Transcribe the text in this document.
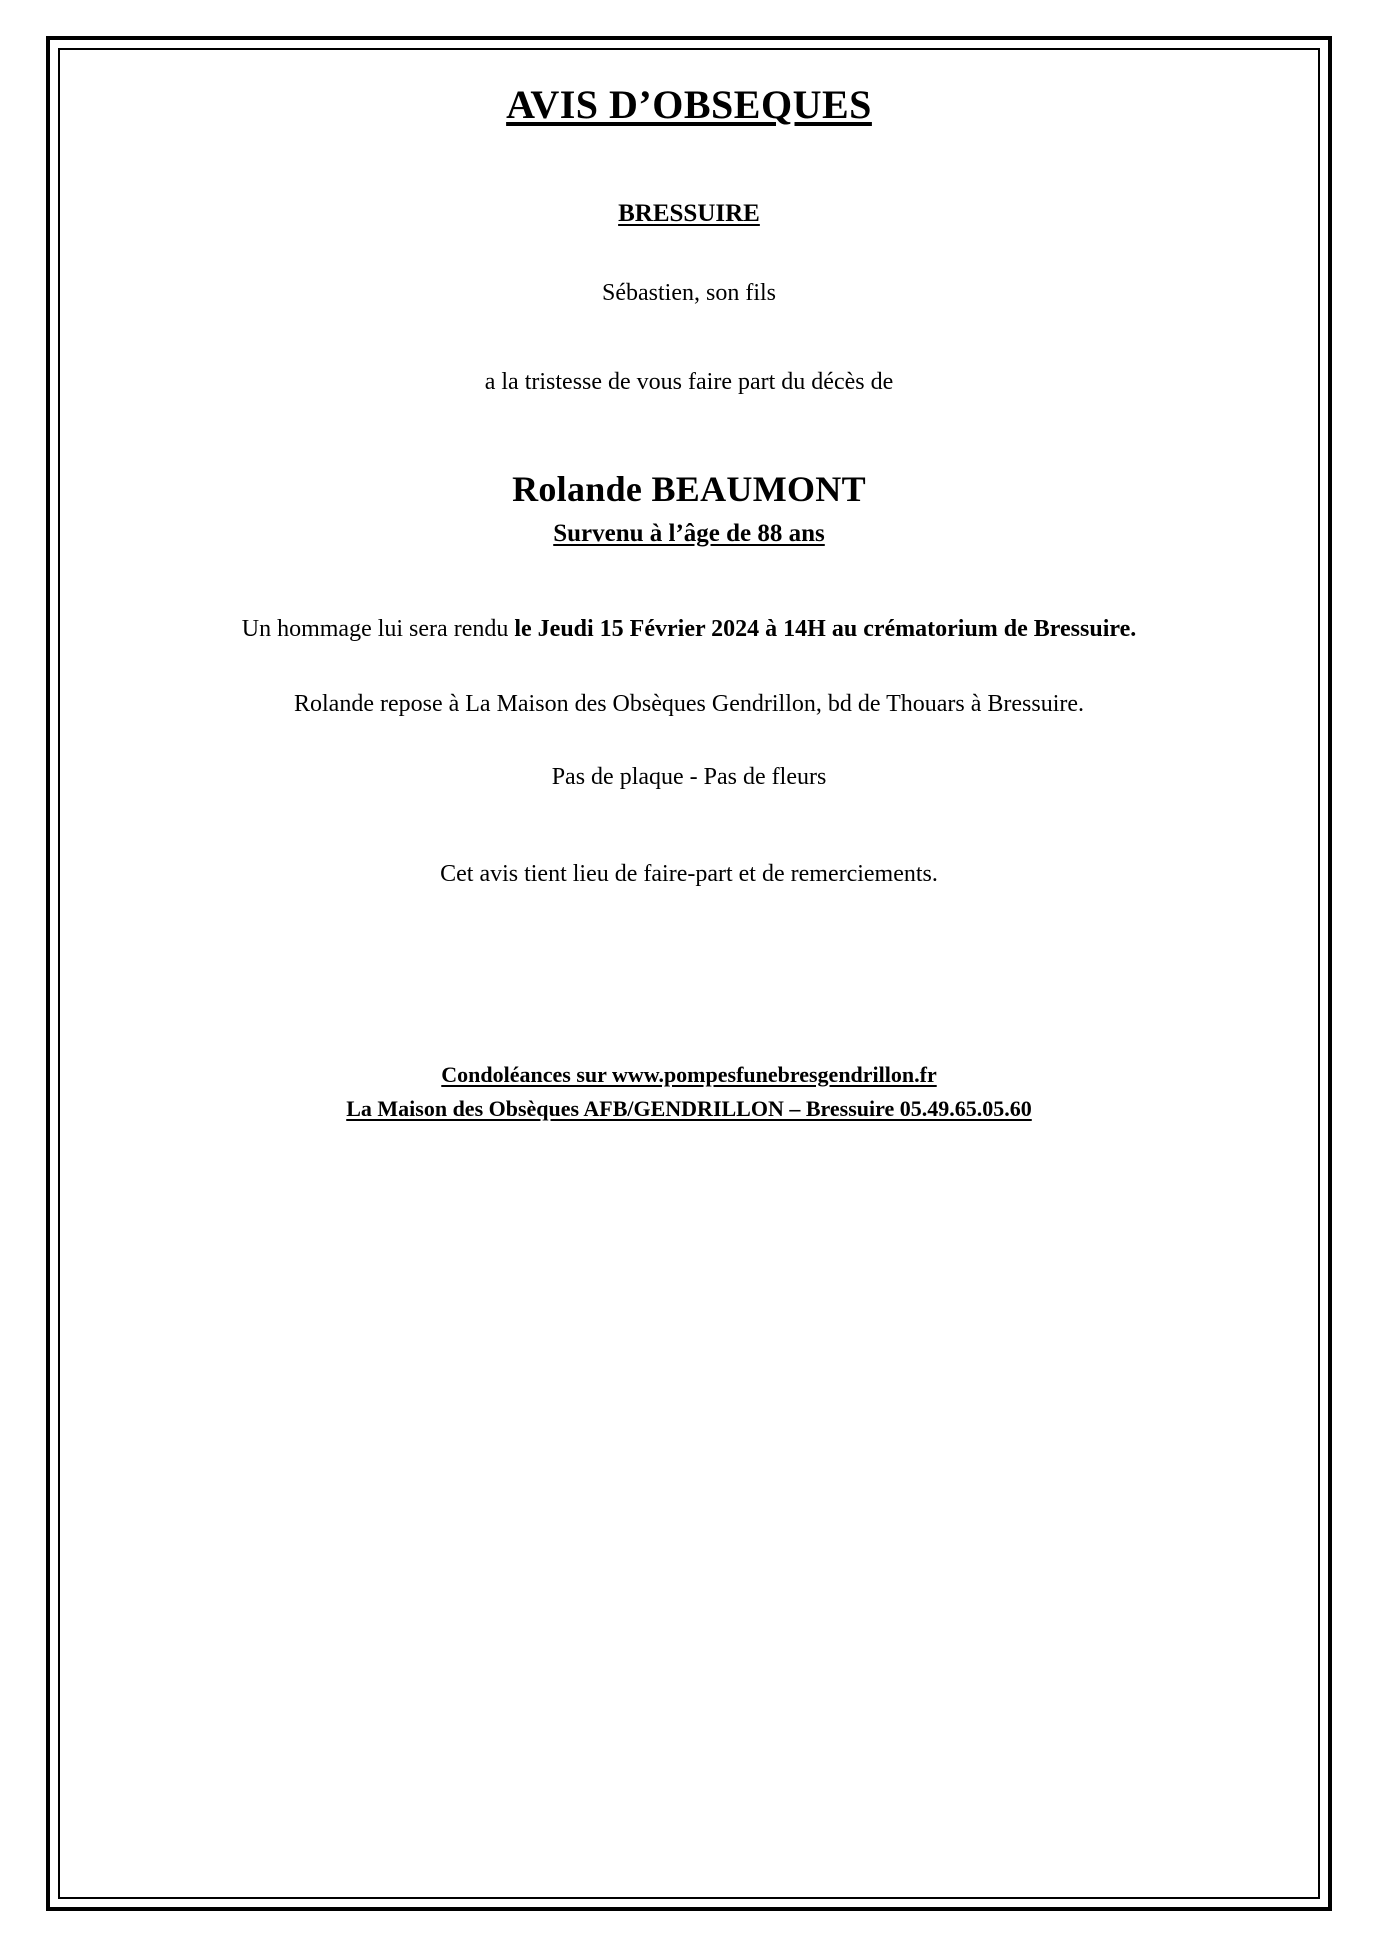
AVIS D’OBSEQUES
BRESSUIRE
Sébastien, son fils
a la tristesse de vous faire part du décès de
Rolande BEAUMONT
Survenu à l’âge de 88 ans
Un hommage lui sera rendu le Jeudi 15 Février 2024 à 14H au crématorium de Bressuire.
Rolande repose à La Maison des Obsèques Gendrillon, bd de Thouars à Bressuire.
Pas de plaque - Pas de fleurs
Cet avis tient lieu de faire-part et de remerciements.
Condoléances sur www.pompesfunebresgendrillon.fr
La Maison des Obsèques AFB/GENDRILLON – Bressuire 05.49.65.05.60
